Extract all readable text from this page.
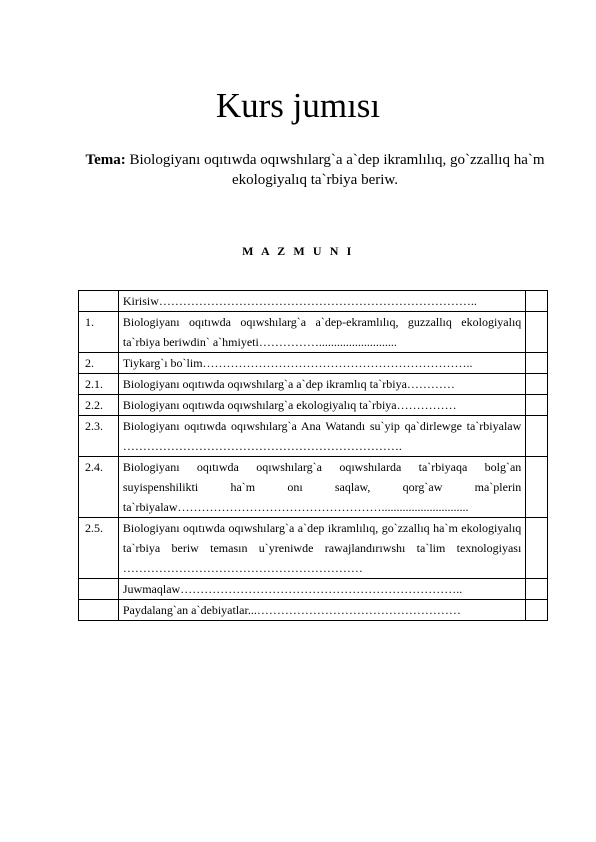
Kurs jumısı
Tema: Biologiyanı oqıtıwda oqıwshılarg`a a`dep ikramlılıq, go`zzallıq ha`m ekologiyalıq ta`rbiya beriw.
M A Z M U N I
	Kirisiw……………………………………………………………………..	
1.	Biologiyanı oqıtıwda oqıwshılarg`a a`dep-ekramlılıq, guzzallıq ekologiyalıq ta`rbiya beriwdin` a`hmiyeti……………..........................	
2.	Tiykarg`ı bo`lim…………………………………………………………..	
2.1.	Biologiyanı oqıtıwda oqıwshılarg`a a`dep ikramlıq ta`rbiya…………	
2.2.	Biologiyanı oqıtıwda oqıwshılarg`a ekologiyalıq ta`rbiya……………	
2.3.	Biologiyanı oqıtıwda oqıwshılarg`a Ana Watandı su`yip qa`dirlewge ta`rbiyalaw …………………………………………………………….	
2.4.	Biologiyanı oqıtıwda oqıwshılarg`a oqıwshılarda ta`rbiyaqa bolg`an suyispenshilikti ha`m onı saqlaw, qorg`aw ma`plerin ta`rbiyalaw…………………………………………….............................	
2.5.	Biologiyanı oqıtıwda oqıwshılarg`a a`dep ikramlılıq, go`zzallıq ha`m ekologiyalıq ta`rbiya beriw temasın u`yreniwde rawajlandırıwshı ta`lim texnologiyası ……………………………………………………	
	Juwmaqlaw……………………………………………………………..	
	Paydalang`an a`debiyatlar...……………………………………………	
